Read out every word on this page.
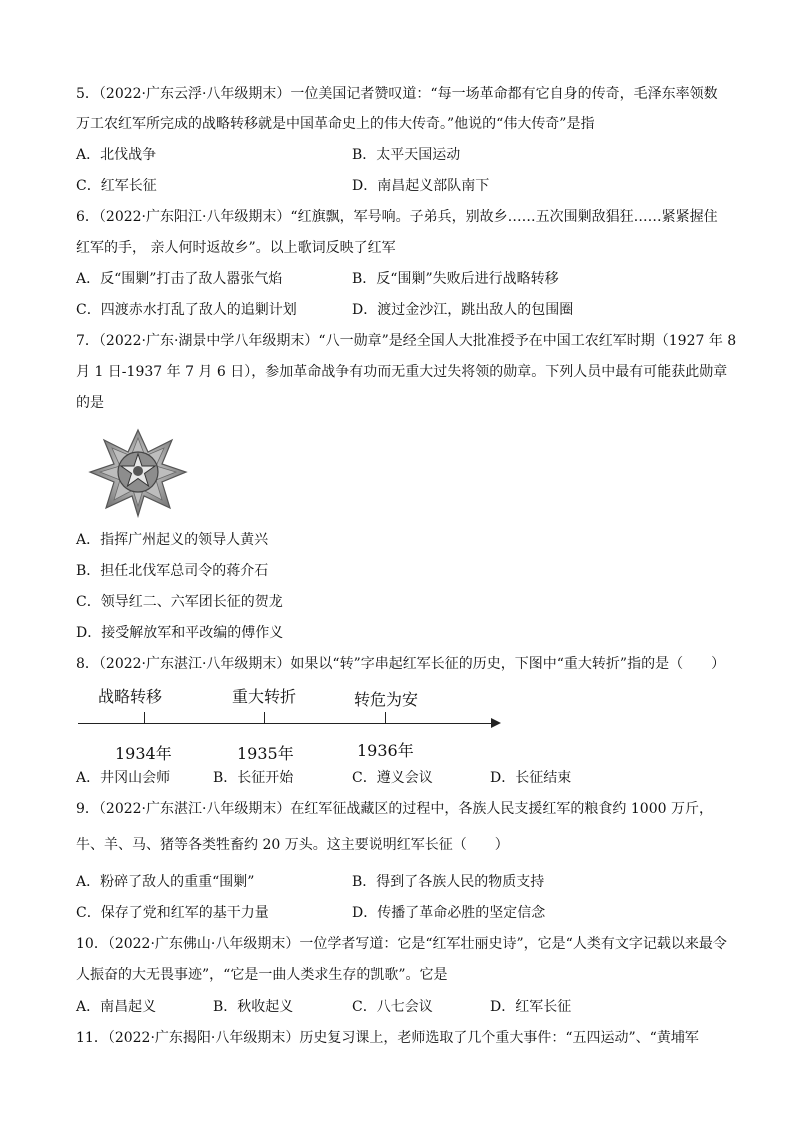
5．（2022·广东云浮·八年级期末）一位美国记者赞叹道：“每一场革命都有它自身的传奇，毛泽东率领数
万工农红军所完成的战略转移就是中国革命史上的伟大传奇。”他说的“伟大传奇”是指
A．北伐战争	B．太平天国运动
C．红军长征	D．南昌起义部队南下
6．（2022·广东阳江·八年级期末）“红旗飘，军号响。子弟兵，别故乡……五次围剿敌猖狂……紧紧握住
红军的手， 亲人何时返故乡”。以上歌词反映了红军
A．反“围剿”打击了敌人嚣张气焰	B．反“围剿”失败后进行战略转移
C．四渡赤水打乱了敌人的追剿计划	D．渡过金沙江，跳出敌人的包围圈
7．（2022·广东·湖景中学八年级期末）“八一勋章”是经全国人大批准授予在中国工农红军时期（1927 年 8
月 1 日-1937 年 7 月 6 日），参加革命战争有功而无重大过失将领的勋章。下列人员中最有可能获此勋章
的是
A．指挥广州起义的领导人黄兴
B．担任北伐军总司令的蒋介石
C．领导红二、六军团长征的贺龙
D．接受解放军和平改编的傅作义
8．（2022·广东湛江·八年级期末）如果以“转”字串起红军长征的历史，下图中“重大转折”指的是（　　）
战略转移	重大转折	转危为安
1934年	1935年	1936年
A．井冈山会师	B．长征开始	C．遵义会议	D．长征结束
9．（2022·广东湛江·八年级期末）在红军征战藏区的过程中，各族人民支援红军的粮食约 1000 万斤，
牛、羊、马、猪等各类牲畜约 20 万头。这主要说明红军长征（　　）
A．粉碎了敌人的重重“围剿”	B．得到了各族人民的物质支持
C．保存了党和红军的基干力量	D．传播了革命必胜的坚定信念
10．（2022·广东佛山·八年级期末）一位学者写道：它是“红军壮丽史诗”，它是“人类有文字记载以来最令
人振奋的大无畏事迹”，“它是一曲人类求生存的凯歌”。它是
A．南昌起义	B．秋收起义	C．八七会议	D．红军长征
11．（2022·广东揭阳·八年级期末）历史复习课上，老师选取了几个重大事件：“五四运动”、“黄埔军
